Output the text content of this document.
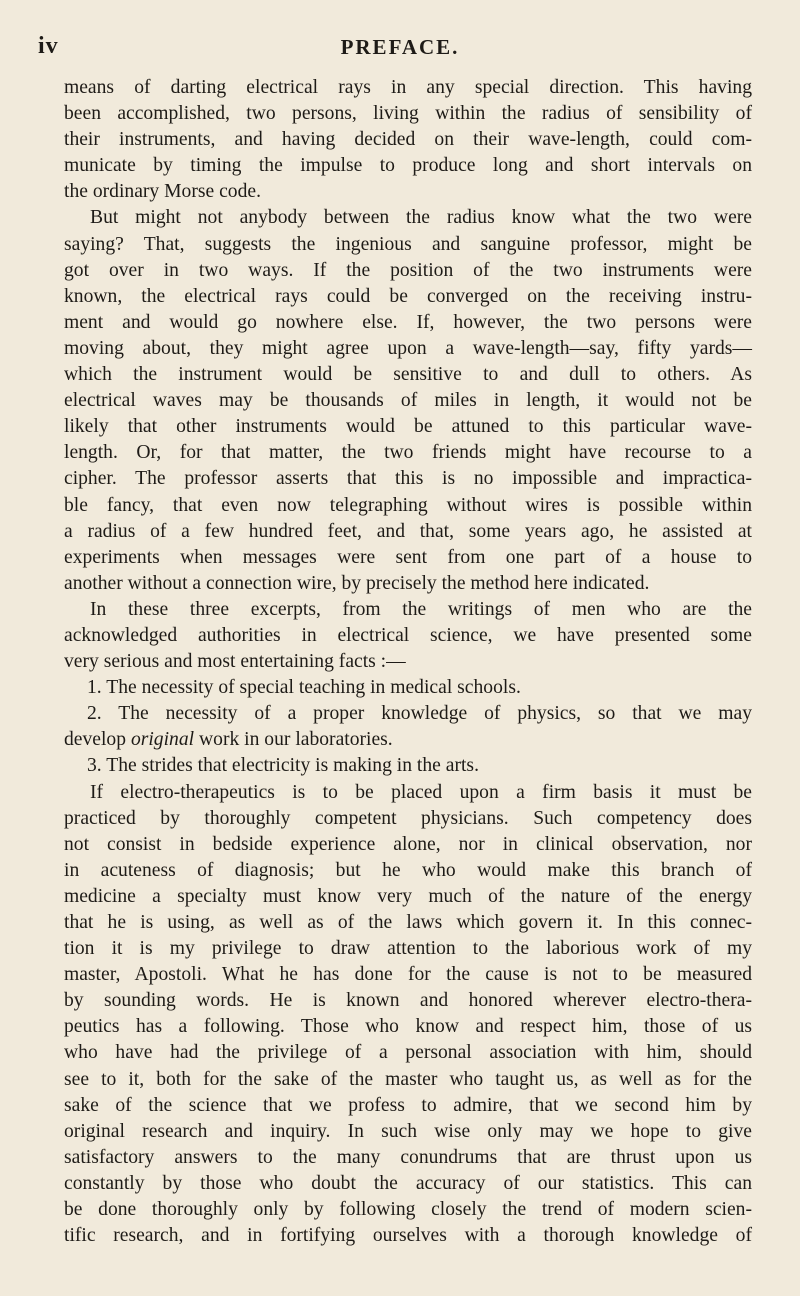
iv	PREFACE.
means of darting electrical rays in any special direction. This having
been accomplished, two persons, living within the radius of sensibility of
their instruments, and having decided on their wave-length, could com-
municate by timing the impulse to produce long and short intervals on
the ordinary Morse code.
But might not anybody between the radius know what the two were
saying? That, suggests the ingenious and sanguine professor, might be
got over in two ways. If the position of the two instruments were
known, the electrical rays could be converged on the receiving instru-
ment and would go nowhere else. If, however, the two persons were
moving about, they might agree upon a wave-length—say, fifty yards—
which the instrument would be sensitive to and dull to others. As
electrical waves may be thousands of miles in length, it would not be
likely that other instruments would be attuned to this particular wave-
length. Or, for that matter, the two friends might have recourse to a
cipher. The professor asserts that this is no impossible and impractica-
ble fancy, that even now telegraphing without wires is possible within
a radius of a few hundred feet, and that, some years ago, he assisted at
experiments when messages were sent from one part of a house to
another without a connection wire, by precisely the method here indicated.
In these three excerpts, from the writings of men who are the
acknowledged authorities in electrical science, we have presented some
very serious and most entertaining facts :—
1. The necessity of special teaching in medical schools.
2. The necessity of a proper knowledge of physics, so that we may
develop original work in our laboratories.
3. The strides that electricity is making in the arts.
If electro-therapeutics is to be placed upon a firm basis it must be
practiced by thoroughly competent physicians. Such competency does
not consist in bedside experience alone, nor in clinical observation, nor
in acuteness of diagnosis; but he who would make this branch of
medicine a specialty must know very much of the nature of the energy
that he is using, as well as of the laws which govern it. In this connec-
tion it is my privilege to draw attention to the laborious work of my
master, Apostoli. What he has done for the cause is not to be measured
by sounding words. He is known and honored wherever electro-thera-
peutics has a following. Those who know and respect him, those of us
who have had the privilege of a personal association with him, should
see to it, both for the sake of the master who taught us, as well as for the
sake of the science that we profess to admire, that we second him by
original research and inquiry. In such wise only may we hope to give
satisfactory answers to the many conundrums that are thrust upon us
constantly by those who doubt the accuracy of our statistics. This can
be done thoroughly only by following closely the trend of modern scien-
tific research, and in fortifying ourselves with a thorough knowledge of
